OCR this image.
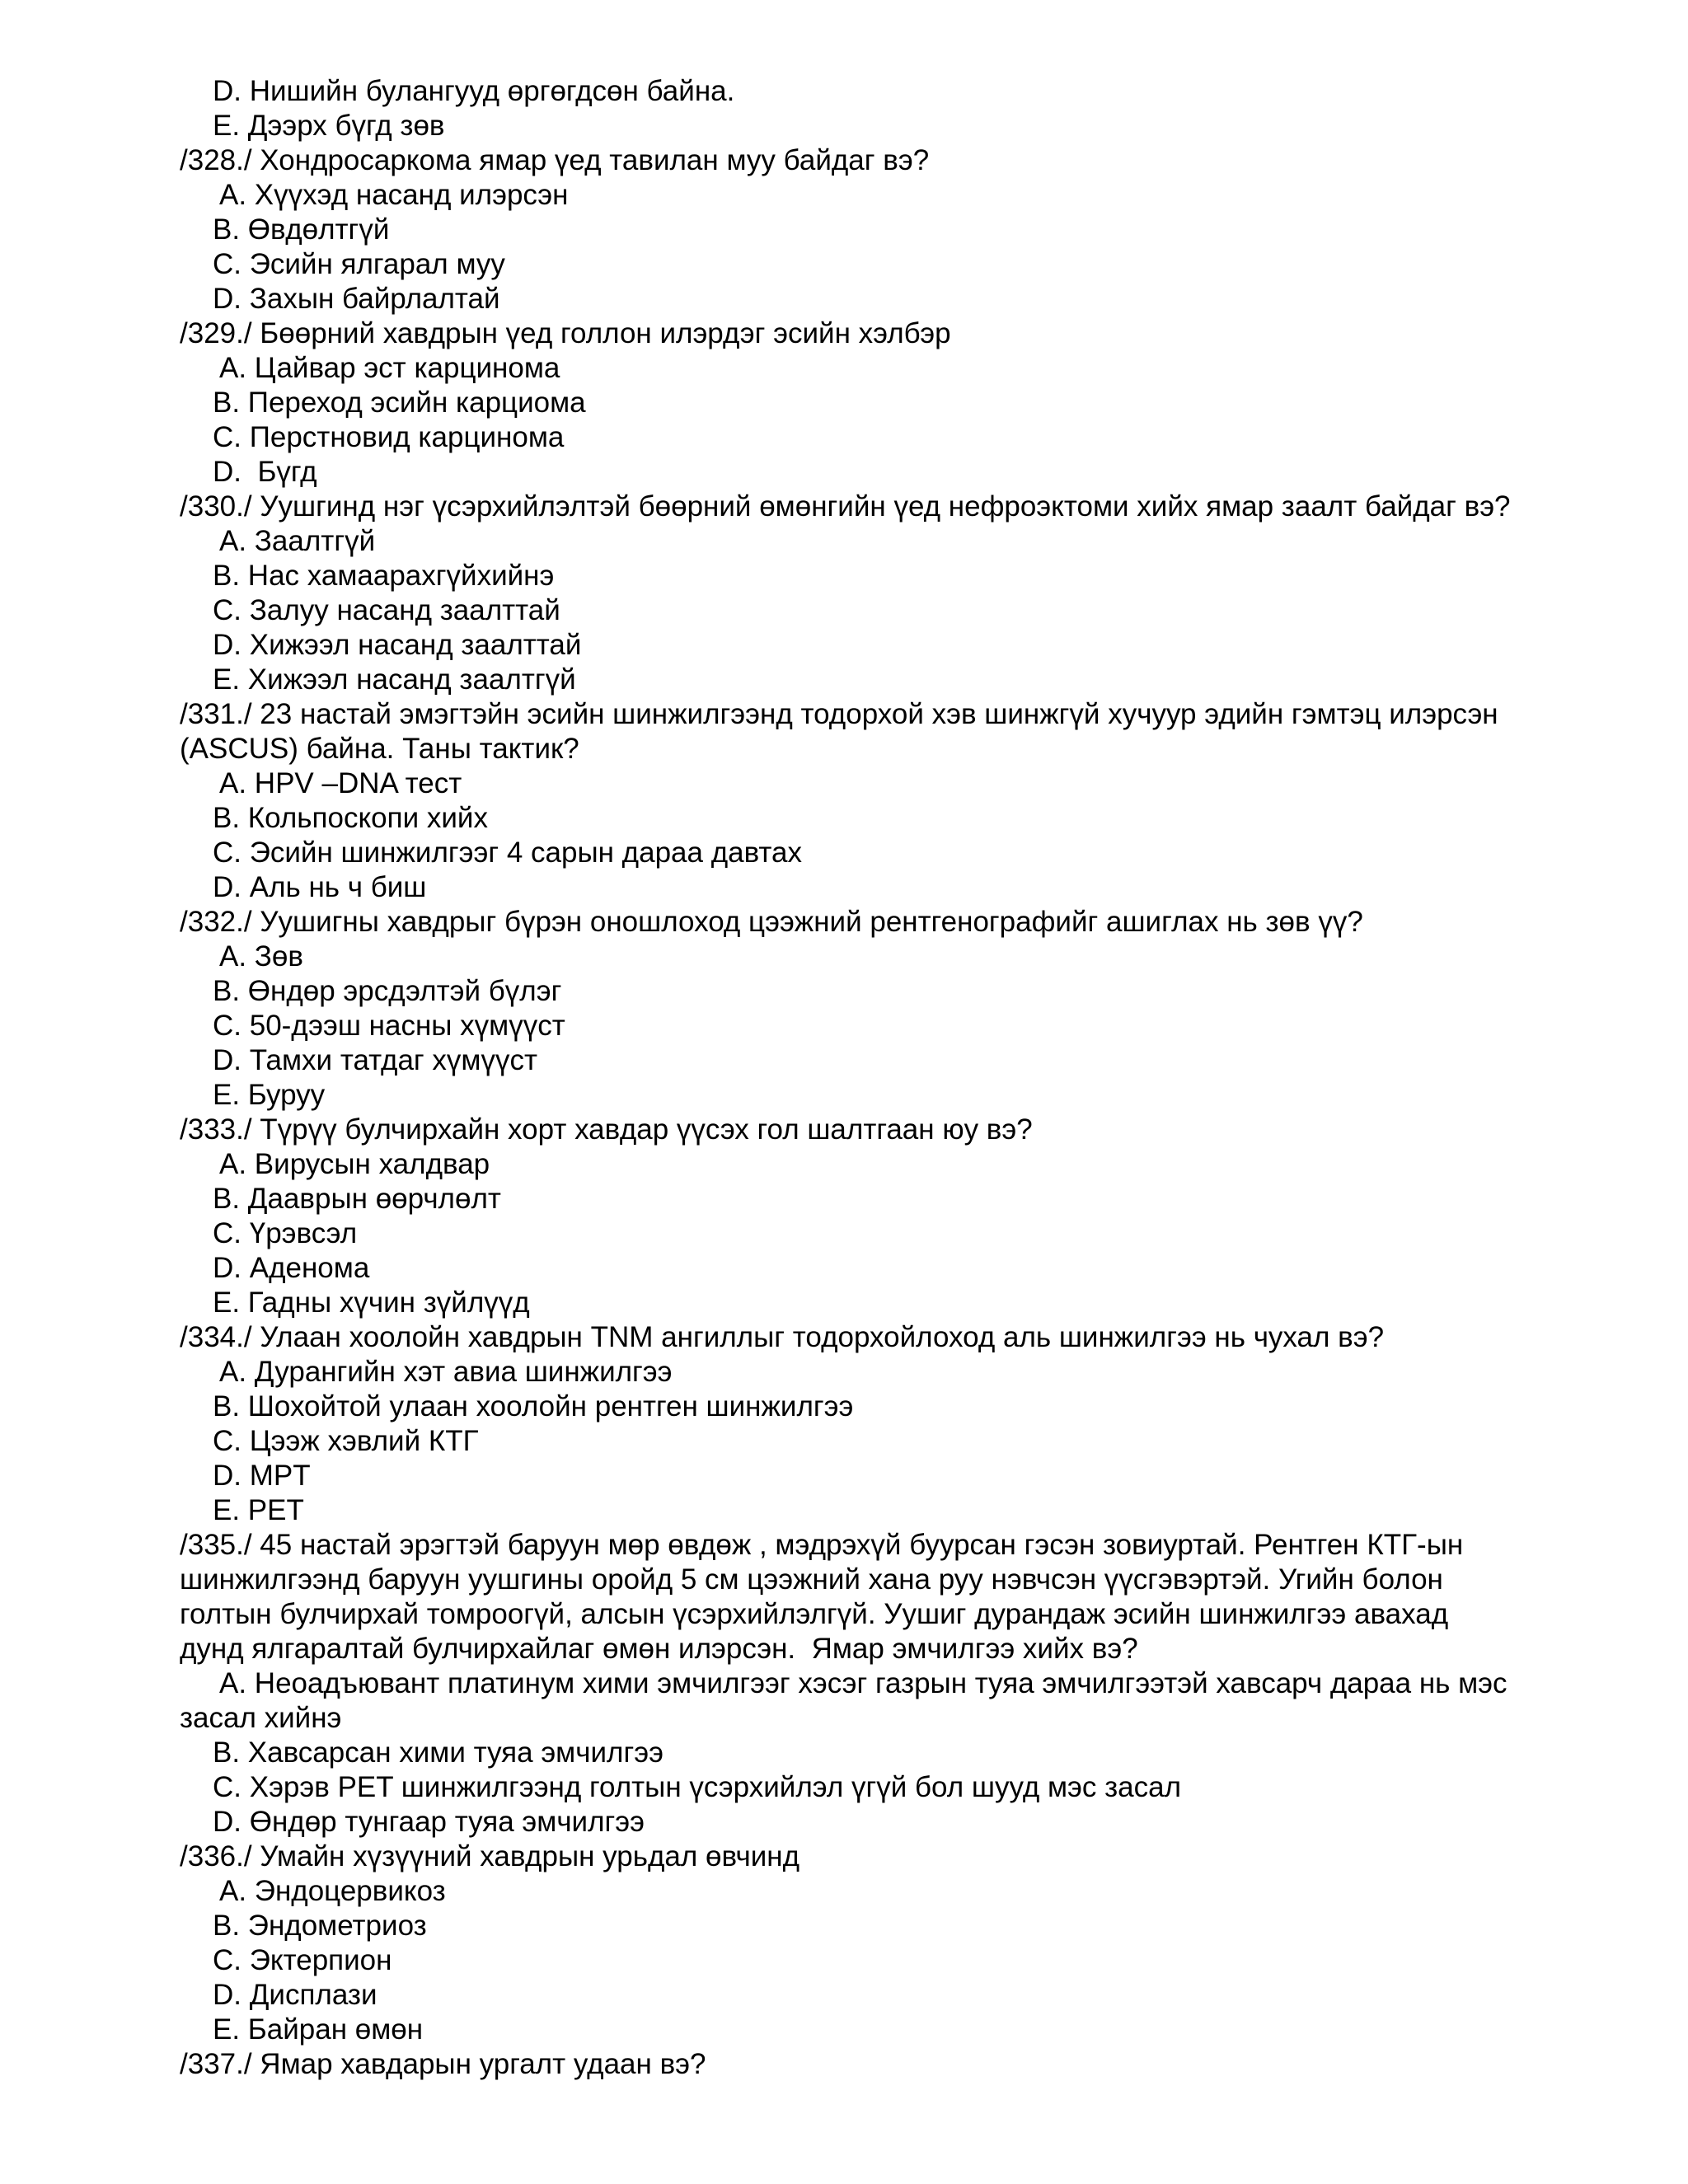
D. Нишийн булангууд өргөгдсөн байна.
E. Дээрх бүгд зөв
/328./ Хондросаркома ямар үед тавилан муу байдаг вэ?
A. Хүүхэд насанд илэрсэн
B. Өвдөлтгүй
C. Эсийн ялгарал муу
D. Захын байрлалтай
/329./ Бөөрний хавдрын үед голлон илэрдэг эсийн хэлбэр
A. Цайвар эст карцинома
B. Переход эсийн карциома
C. Перстновид карцинома
D.  Бүгд
/330./ Уушгинд нэг үсэрхийлэлтэй бөөрний өмөнгийн үед нефроэктоми хийх ямар заалт байдаг вэ?
A. Заалтгүй
B. Нас хамаарахгүйхийнэ
C. Залуу насанд заалттай
D. Хижээл насанд заалттай
E. Хижээл насанд заалтгүй
/331./ 23 настай эмэгтэйн эсийн шинжилгээнд тодорхой хэв шинжгүй хучуур эдийн гэмтэц илэрсэн
(ASCUS) байна. Таны тактик?
A. HPV –DNA тест
B. Кольпоскопи хийх
C. Эсийн шинжилгээг 4 сарын дараа давтах
D. Аль нь ч биш
/332./ Уушигны хавдрыг бүрэн оношлоход цээжний рентгенографийг ашиглах нь зөв үү?
A. Зөв
B. Өндөр эрсдэлтэй бүлэг
C. 50-дээш насны хүмүүст
D. Тамхи татдаг хүмүүст
E. Буруу
/333./ Түрүү булчирхайн хорт хавдар үүсэх гол шалтгаан юу вэ?
A. Вирусын халдвар
B. Дааврын өөрчлөлт
C. Үрэвсэл
D. Аденома
E. Гадны хүчин зүйлүүд
/334./ Улаан хоолойн хавдрын TNM ангиллыг тодорхойлоход аль шинжилгээ нь чухал вэ?
A. Дурангийн хэт авиа шинжилгээ
B. Шохойтой улаан хоолойн рентген шинжилгээ
C. Цээж хэвлий КТГ
D. MPT
E. PET
/335./ 45 настай эрэгтэй баруун мөр өвдөж , мэдрэхүй буурсан гэсэн зовиуртай. Рентген КТГ-ын
шинжилгээнд баруун уушгины оройд 5 см цээжний хана руу нэвчсэн үүсгэвэртэй. Угийн болон
голтын булчирхай томроогүй, алсын үсэрхийлэлгүй. Уушиг дурандаж эсийн шинжилгээ авахад
дунд ялгаралтай булчирхайлаг өмөн илэрсэн.  Ямар эмчилгээ хийх вэ?
A. Неоадъювант платинум хими эмчилгээг хэсэг газрын туяа эмчилгээтэй хавсарч дараа нь мэс
засал хийнэ
B. Хавсарсан хими туяа эмчилгээ
C. Хэрэв PET шинжилгээнд голтын үсэрхийлэл үгүй бол шууд мэс засал
D. Өндөр тунгаар туяа эмчилгээ
/336./ Умайн хүзүүний хавдрын урьдал өвчинд
A. Эндоцервикоз
B. Эндометриоз
C. Эктерпион
D. Дисплази
E. Байран өмөн
/337./ Ямар хавдарын ургалт удаан вэ?
